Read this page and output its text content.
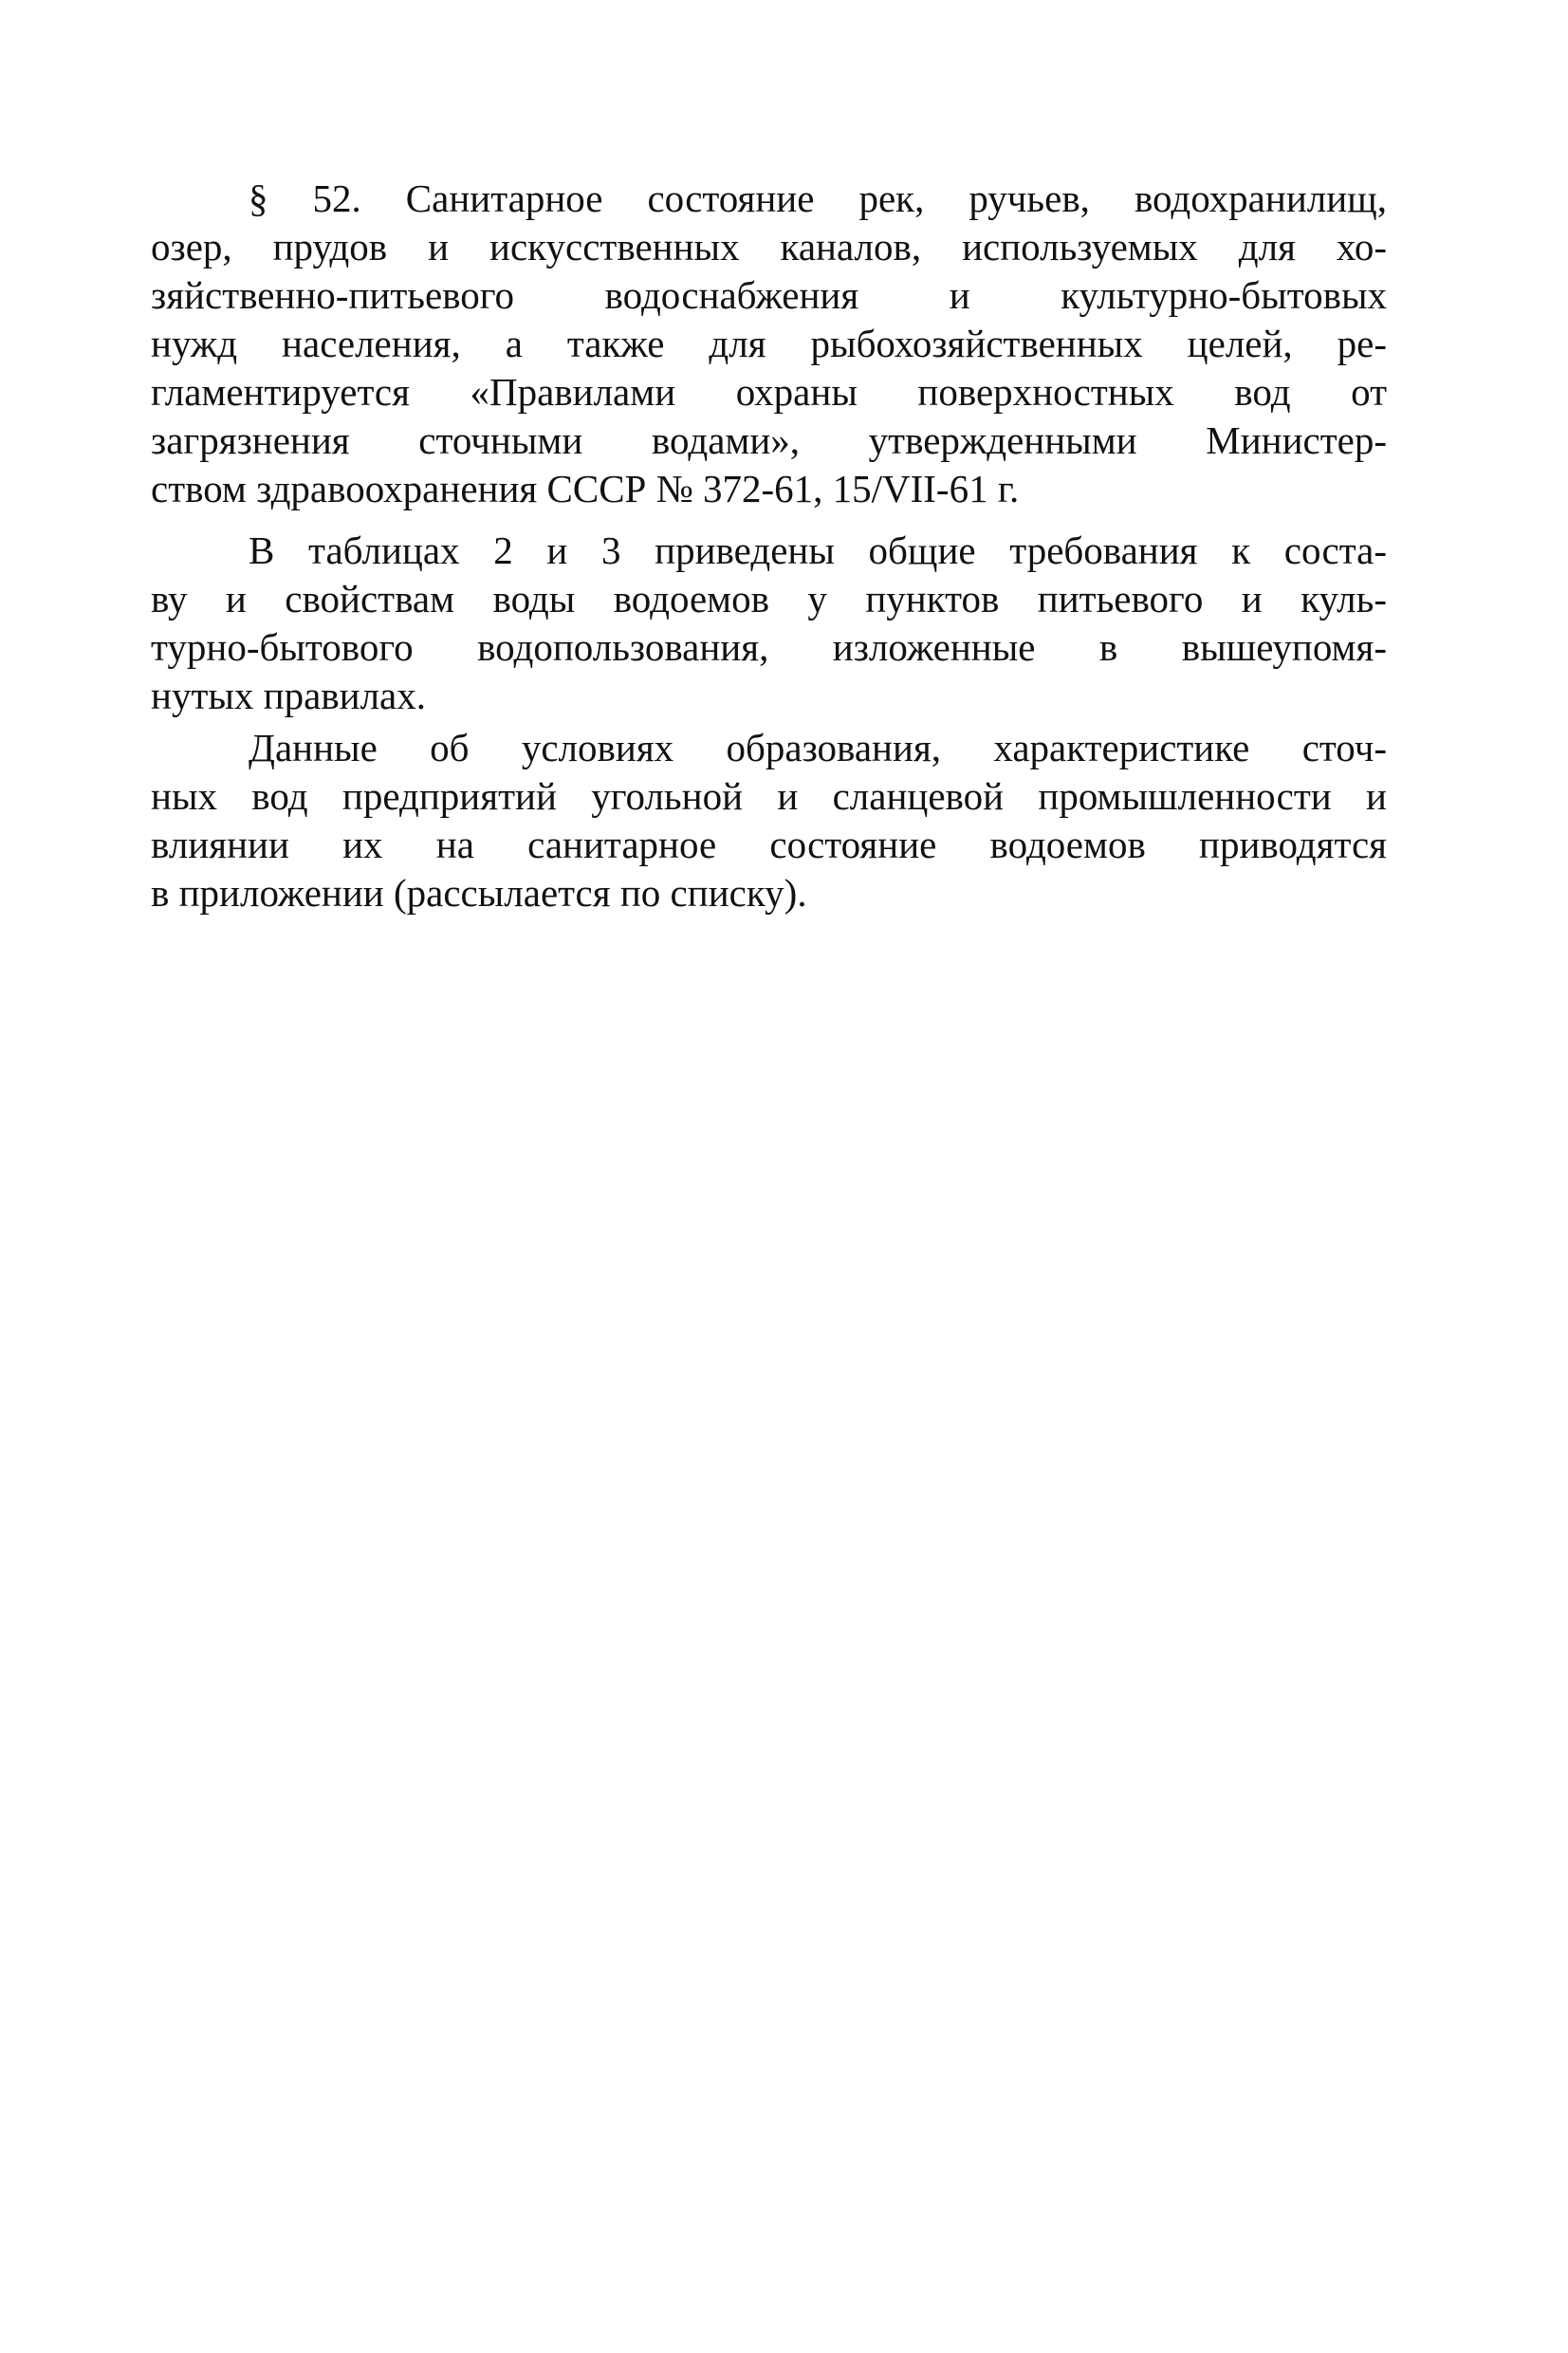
§ 52. Санитарное состояние рек, ручьев, водохранилищ,
озер, прудов и искусственных каналов, используемых для хо-
зяйственно-питьевого водоснабжения и культурно-бытовых
нужд населения, а также для рыбохозяйственных целей, ре-
гламентируется «Правилами охраны поверхностных вод от
загрязнения сточными водами», утвержденными Министер-
ством здравоохранения СССР № 372-61, 15/VII-61 г.
В таблицах 2 и 3 приведены общие требования к соста-
ву и свойствам воды водоемов у пунктов питьевого и куль-
турно-бытового водопользования, изложенные в вышеупомя-
нутых правилах.
Данные об условиях образования, характеристике сточ-
ных вод предприятий угольной и сланцевой промышленности и
влиянии их на санитарное состояние водоемов приводятся
в приложении (рассылается по списку).
